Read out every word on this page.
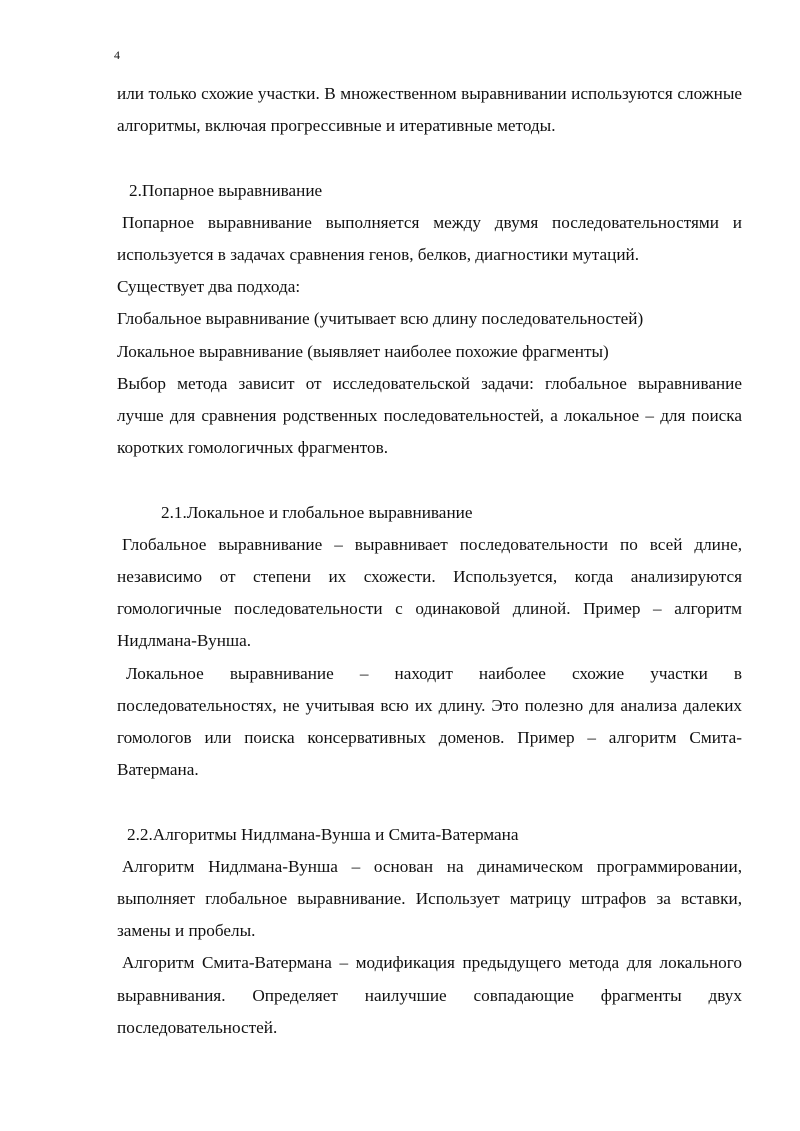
4

или только схожие участки. В множественном выравнивании используются сложные алгоритмы, включая прогрессивные и итеративные методы.

2.Попарное выравнивание

Попарное выравнивание выполняется между двумя последовательностями и используется в задачах сравнения генов, белков, диагностики мутаций.

Существует два подхода:

Глобальное выравнивание (учитывает всю длину последовательностей)

Локальное выравнивание (выявляет наиболее похожие фрагменты)

Выбор метода зависит от исследовательской задачи: глобальное выравнивание лучше для сравнения родственных последовательностей, а локальное – для поиска коротких гомологичных фрагментов.

2.1.Локальное и глобальное выравнивание

Глобальное выравнивание – выравнивает последовательности по всей длине, независимо от степени их схожести. Используется, когда анализируются гомологичные последовательности с одинаковой длиной. Пример – алгоритм Нидлмана-Вунша.

Локальное выравнивание – находит наиболее схожие участки в последовательностях, не учитывая всю их длину. Это полезно для анализа далеких гомологов или поиска консервативных доменов. Пример – алгоритм Смита-Ватермана.

2.2.Алгоритмы Нидлмана-Вунша и Смита-Ватермана

Алгоритм Нидлмана-Вунша – основан на динамическом программировании, выполняет глобальное выравнивание. Использует матрицу штрафов за вставки, замены и пробелы.

Алгоритм Смита-Ватермана – модификация предыдущего метода для локального выравнивания. Определяет наилучшие совпадающие фрагменты двух последовательностей.
